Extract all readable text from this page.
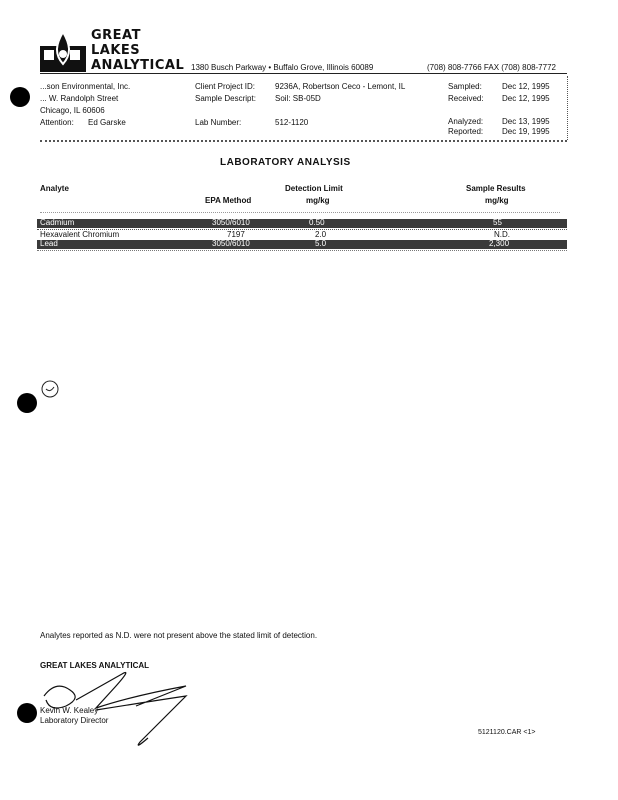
GREAT
LAKES
ANALYTICAL 1380 Busch Parkway • Buffalo Grove, Illinois 60089	(708) 808-7766 FAX (708) 808-7772
...son Environmental, Inc.
... W. Randolph Street
Chicago, IL 60606
Attention: Ed Garske
Client Project ID: 9236A, Robertson Ceco - Lemont, IL
Sample Descript: Soil: SB-05D
Lab Number:	512-1120
Sampled:	Dec 12, 1995
Received: Dec 12, 1995
Analyzed: Dec 13, 1995
Reported: Dec 19, 1995
LABORATORY ANALYSIS
Analyte
EPA Method
Detection Limit
mg/kg
Sample Results
mg/kg
Cadmium	3050/6010	0.50	55
Hexavalent Chromium	7197	2.0	N.D.
Lead	3050/6010	5.0	2,300
Analytes reported as N.D. were not present above the stated limit of detection.
GREAT LAKES ANALYTICAL
Kevin W. Kealey
Laboratory Director
5121120.CAR <1>
